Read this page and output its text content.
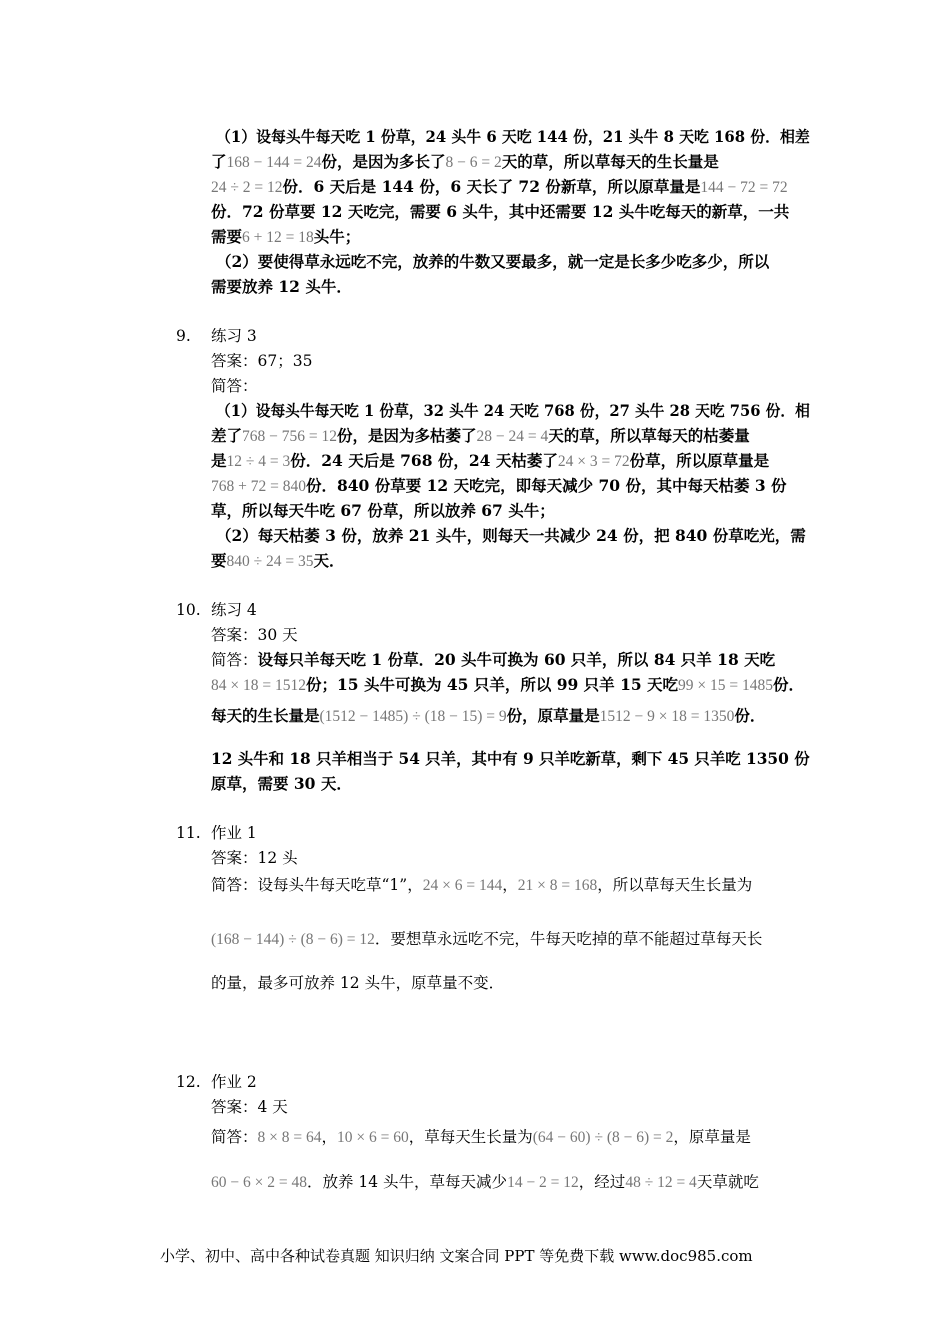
（1）设每头牛每天吃 1 份草，24 头牛 6 天吃 144 份，21 头牛 8 天吃 168 份．相差
了168 − 144 = 24份，是因为多长了8 − 6 = 2天的草，所以草每天的生长量是
24 ÷ 2 = 12份．6 天后是 144 份，6 天长了 72 份新草，所以原草量是144 − 72 = 72
份．72 份草要 12 天吃完，需要 6 头牛，其中还需要 12 头牛吃每天的新草，一共
需要6 + 12 = 18头牛；
（2）要使得草永远吃不完，放养的牛数又要最多，就一定是长多少吃多少，所以
需要放养 12 头牛．
9. 练习 3
答案：67；35
简答：
（1）设每头牛每天吃 1 份草，32 头牛 24 天吃 768 份，27 头牛 28 天吃 756 份．相
差了768 − 756 = 12份，是因为多枯萎了28 − 24 = 4天的草，所以草每天的枯萎量
是12 ÷ 4 = 3份．24 天后是 768 份，24 天枯萎了24 × 3 = 72份草，所以原草量是
768 + 72 = 840份．840 份草要 12 天吃完，即每天减少 70 份，其中每天枯萎 3 份
草，所以每天牛吃 67 份草，所以放养 67 头牛；
（2）每天枯萎 3 份，放养 21 头牛，则每天一共减少 24 份，把 840 份草吃光，需
要840 ÷ 24 = 35天．
10. 练习 4
答案：30 天
简答：设每只羊每天吃 1 份草．20 头牛可换为 60 只羊，所以 84 只羊 18 天吃
84 × 18 = 1512份；15 头牛可换为 45 只羊，所以 99 只羊 15 天吃99 × 15 = 1485份．
每天的生长量是(1512 − 1485) ÷ (18 − 15) = 9份，原草量是1512 − 9 × 18 = 1350份．
12 头牛和 18 只羊相当于 54 只羊，其中有 9 只羊吃新草，剩下 45 只羊吃 1350 份
原草，需要 30 天．
11. 作业 1
答案：12 头
简答：设每头牛每天吃草“1”，24 × 6 = 144，21 × 8 = 168，所以草每天生长量为
(168 − 144) ÷ (8 − 6) = 12．要想草永远吃不完，牛每天吃掉的草不能超过草每天长
的量，最多可放养 12 头牛，原草量不变．
12. 作业 2
答案：4 天
简答：8 × 8 = 64，10 × 6 = 60，草每天生长量为(64 − 60) ÷ (8 − 6) = 2，原草量是
60 − 6 × 2 = 48．放养 14 头牛，草每天减少14 − 2 = 12，经过48 ÷ 12 = 4天草就吃
小学、初中、高中各种试卷真题 知识归纳 文案合同 PPT 等免费下载 www.doc985.com
